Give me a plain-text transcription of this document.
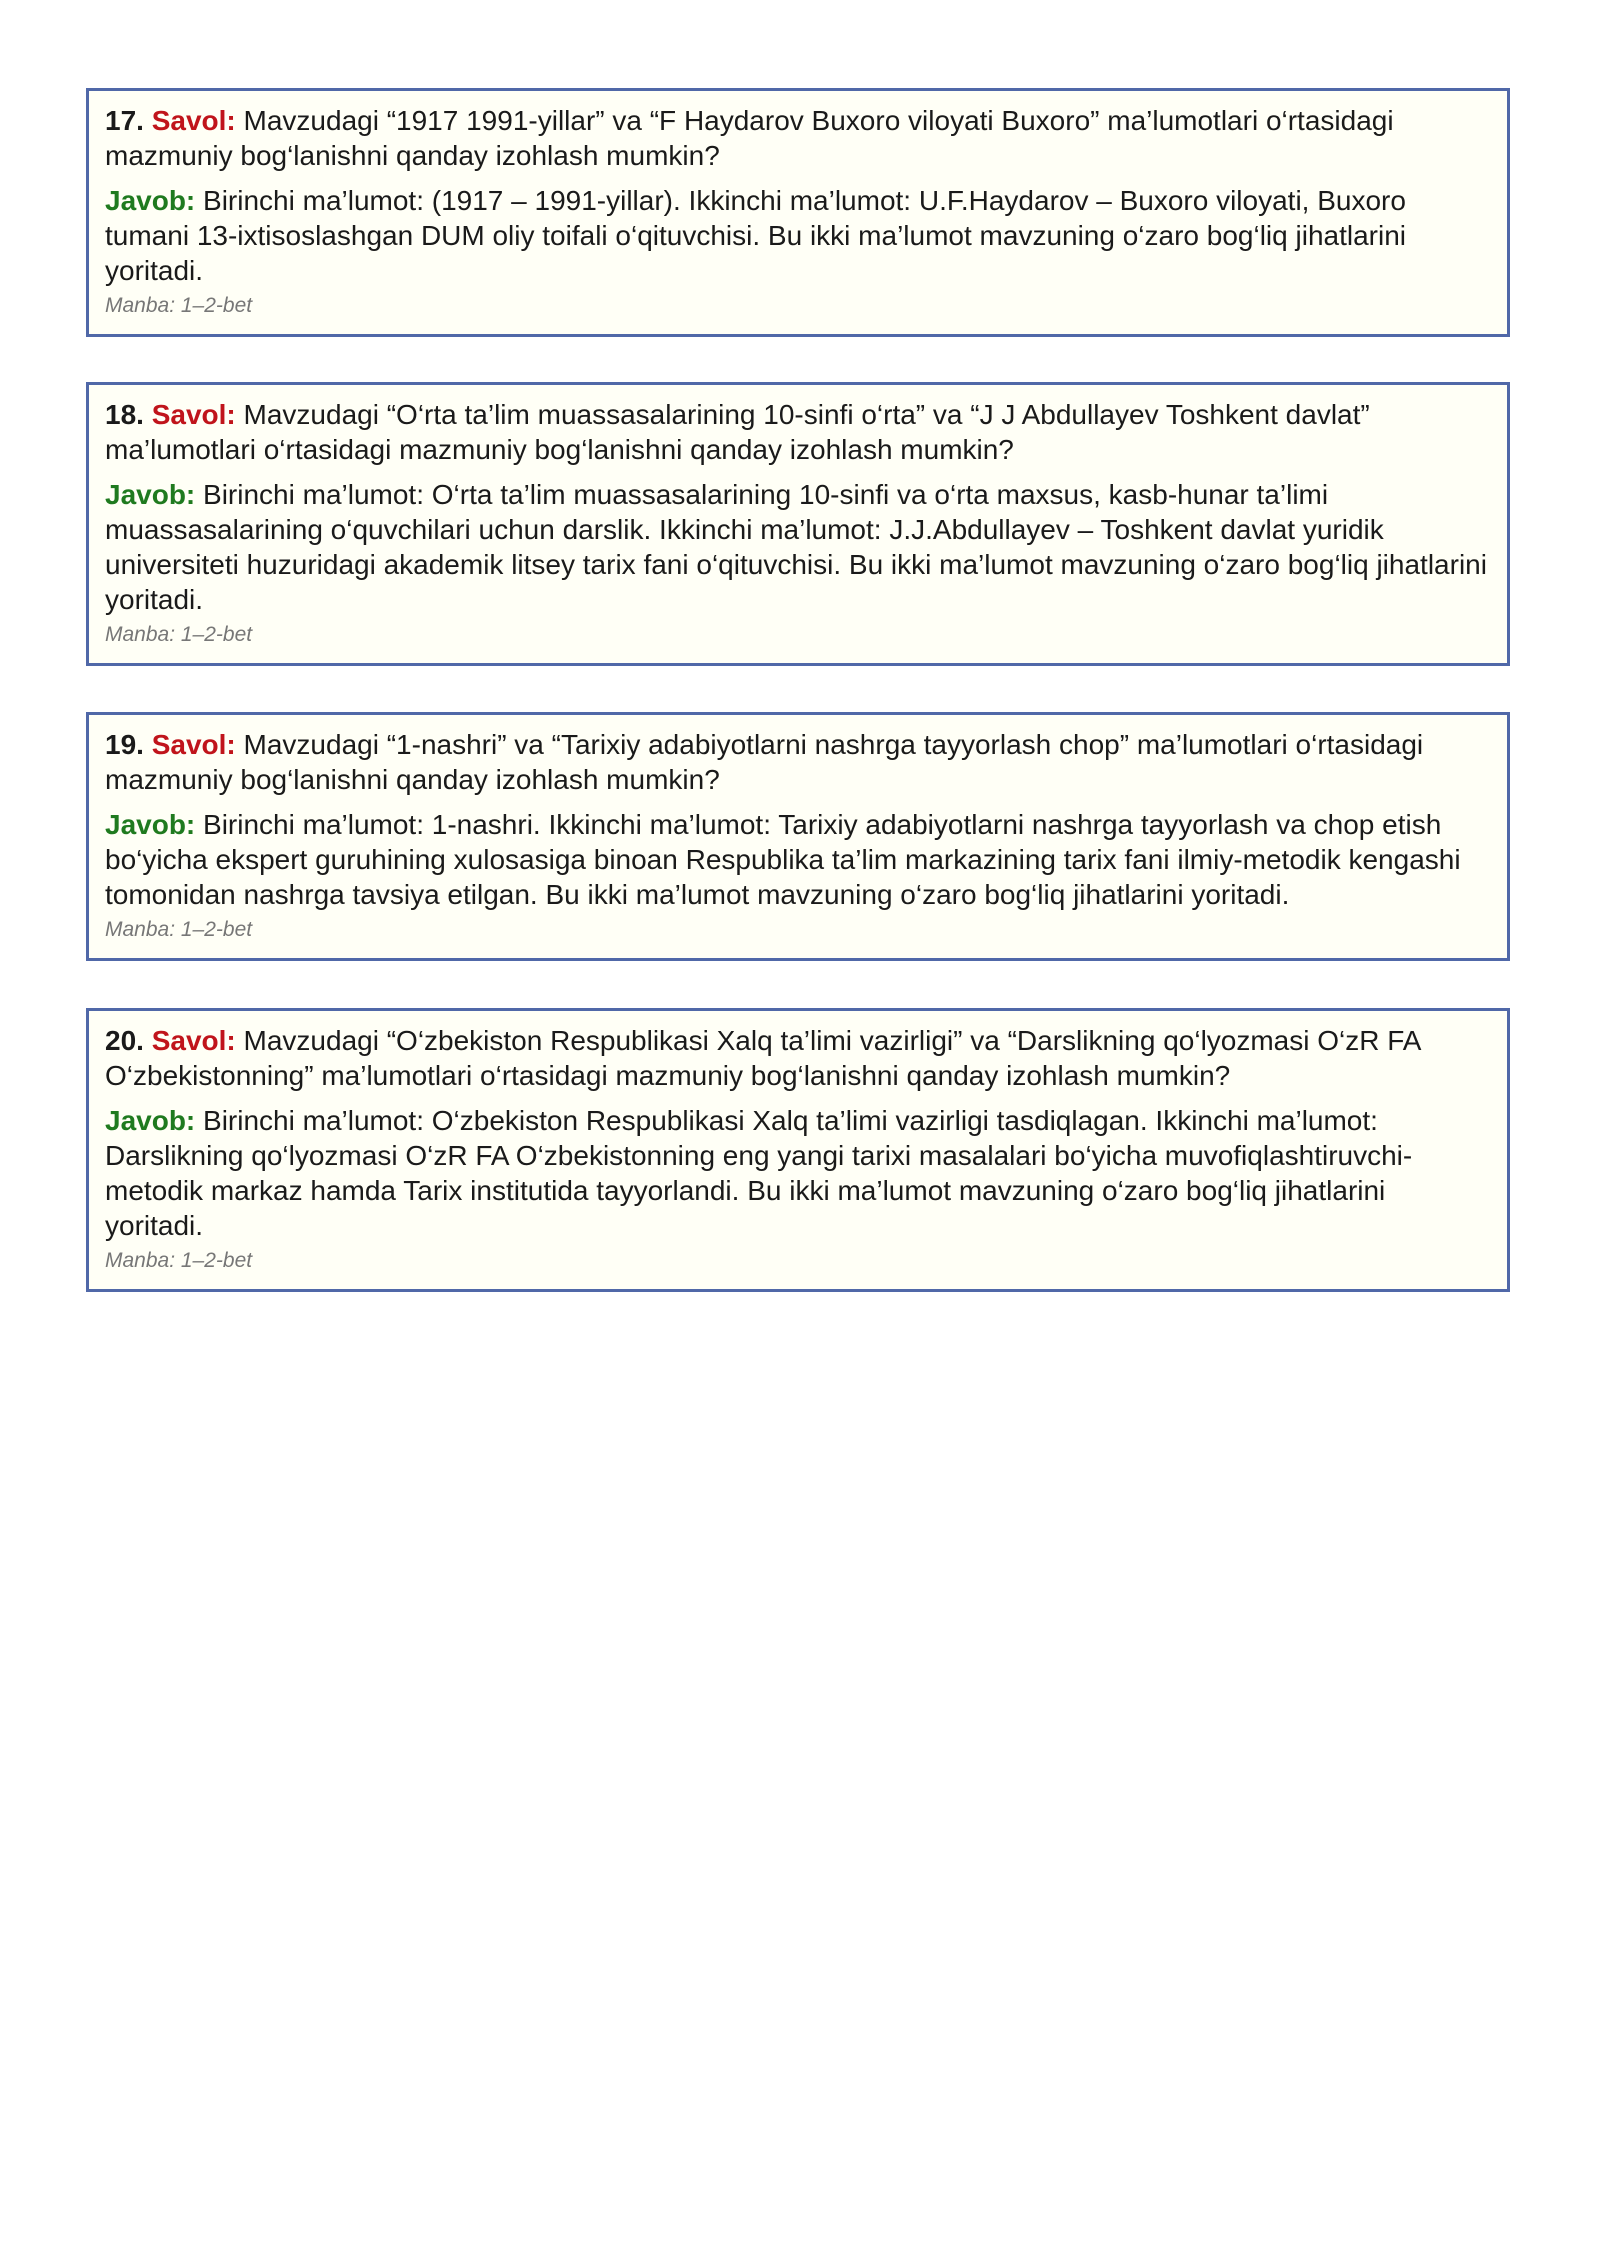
17. Savol: Mavzudagi “1917 1991-yillar” va “F Haydarov Buxoro viloyati Buxoro” ma’lumotlari o‘rtasidagi mazmuniy bog‘lanishni qanday izohlash mumkin?

Javob: Birinchi ma’lumot: (1917 – 1991-yillar). Ikkinchi ma’lumot: U.F.Haydarov – Buxoro viloyati, Buxoro tumani 13-ixtisoslashgan DUM oliy toifali o‘qituvchisi. Bu ikki ma’lumot mavzuning o‘zaro bog‘liq jihatlarini yoritadi.

Manba: 1–2-bet

18. Savol: Mavzudagi “O‘rta ta’lim muassasalarining 10-sinfi o‘rta” va “J J Abdullayev Toshkent davlat” ma’lumotlari o‘rtasidagi mazmuniy bog‘lanishni qanday izohlash mumkin?

Javob: Birinchi ma’lumot: O‘rta ta’lim muassasalarining 10-sinfi va o‘rta maxsus, kasb-hunar ta’limi muassasalarining o‘quvchilari uchun darslik. Ikkinchi ma’lumot: J.J.Abdullayev – Toshkent davlat yuridik universiteti huzuridagi akademik litsey tarix fani o‘qituvchisi. Bu ikki ma’lumot mavzuning o‘zaro bog‘liq jihatlarini yoritadi.

Manba: 1–2-bet

19. Savol: Mavzudagi “1-nashri” va “Tarixiy adabiyotlarni nashrga tayyorlash chop” ma’lumotlari o‘rtasidagi mazmuniy bog‘lanishni qanday izohlash mumkin?

Javob: Birinchi ma’lumot: 1-nashri. Ikkinchi ma’lumot: Tarixiy adabiyotlarni nashrga tayyorlash va chop etish bo‘yicha ekspert guruhining xulosasiga binoan Respublika ta’lim markazining tarix fani ilmiy-metodik kengashi tomonidan nashrga tavsiya etilgan. Bu ikki ma’lumot mavzuning o‘zaro bog‘liq jihatlarini yoritadi.

Manba: 1–2-bet

20. Savol: Mavzudagi “O‘zbekiston Respublikasi Xalq ta’limi vazirligi” va “Darslikning qo‘lyozmasi O‘zR FA O‘zbekistonning” ma’lumotlari o‘rtasidagi mazmuniy bog‘lanishni qanday izohlash mumkin?

Javob: Birinchi ma’lumot: O‘zbekiston Respublikasi Xalq ta’limi vazirligi tasdiqlagan. Ikkinchi ma’lumot: Darslikning qo‘lyozmasi O‘zR FA O‘zbekistonning eng yangi tarixi masalalari bo‘yicha muvofiqlashtiruvchi-metodik markaz hamda Tarix institutida tayyorlandi. Bu ikki ma’lumot mavzuning o‘zaro bog‘liq jihatlarini yoritadi.

Manba: 1–2-bet
